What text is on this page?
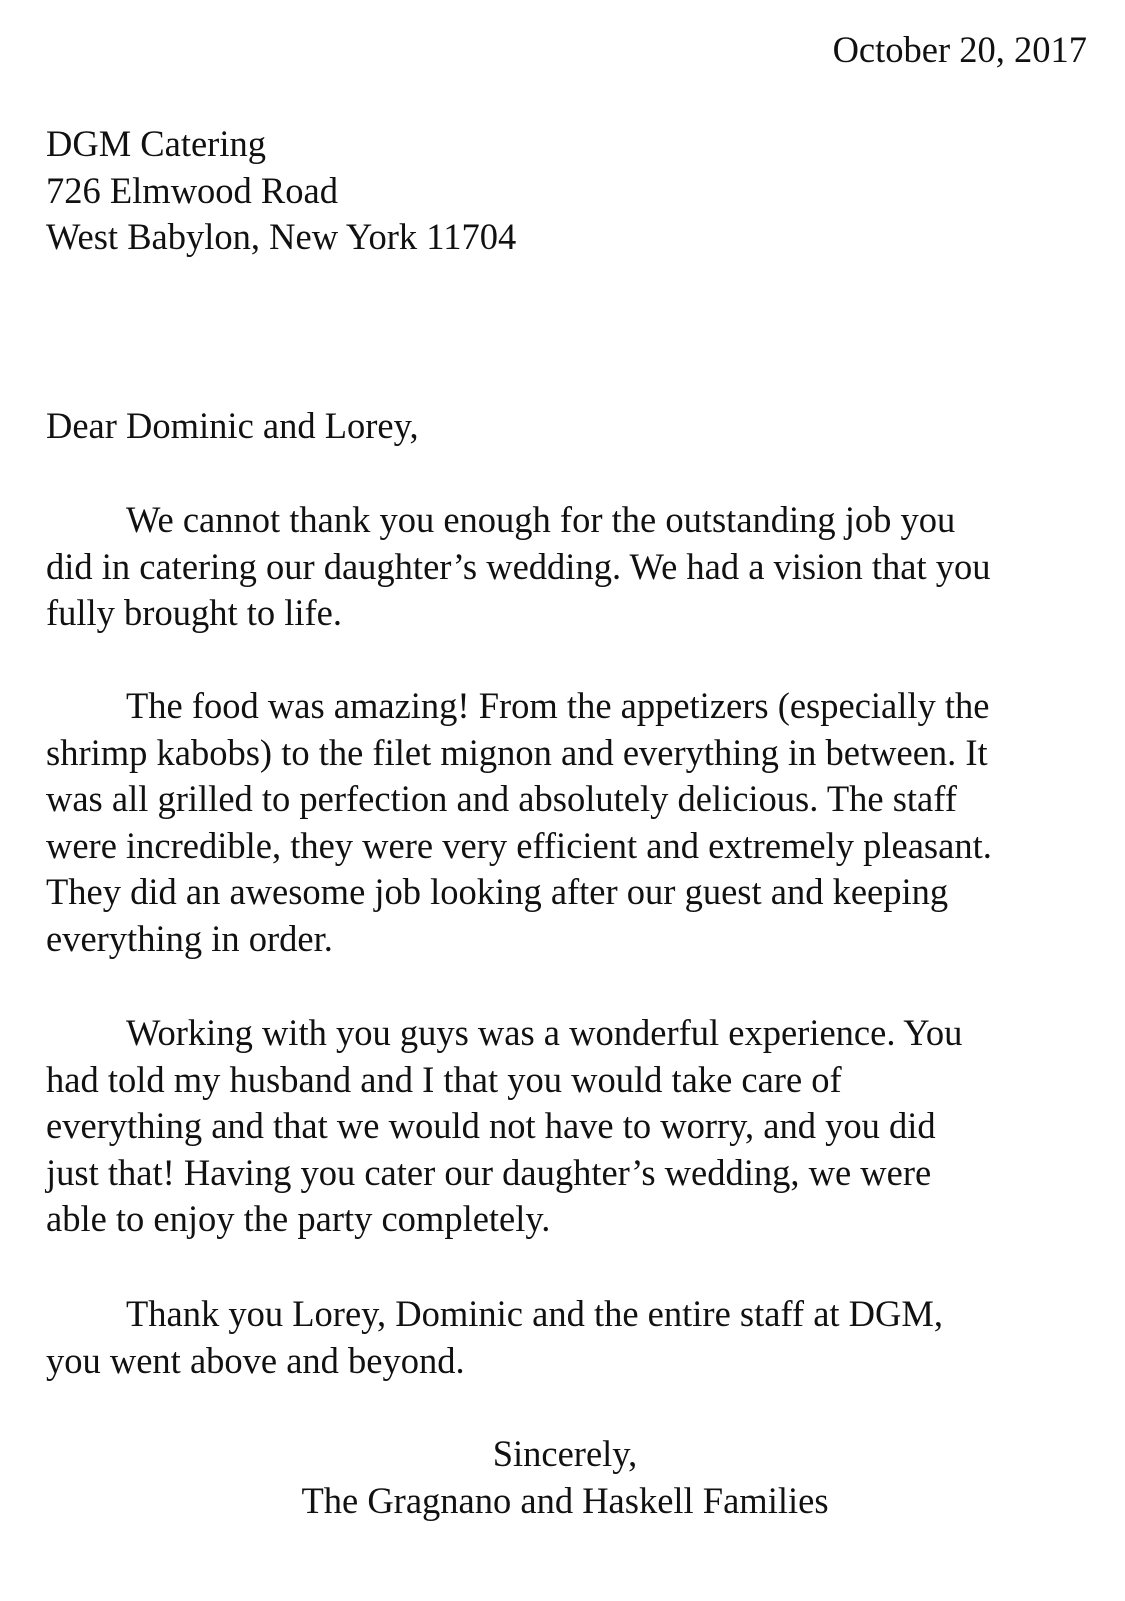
October 20, 2017
DGM Catering
726 Elmwood Road
West Babylon, New York 11704
Dear Dominic and Lorey,
We cannot thank you enough for the outstanding job you
did in catering our daughter’s wedding. We had a vision that you
fully brought to life.
The food was amazing! From the appetizers (especially the
shrimp kabobs) to the filet mignon and everything in between. It
was all grilled to perfection and absolutely delicious. The staff
were incredible, they were very efficient and extremely pleasant.
They did an awesome job looking after our guest and keeping
everything in order.
Working with you guys was a wonderful experience. You
had told my husband and I that you would take care of
everything and that we would not have to worry, and you did
just that! Having you cater our daughter’s wedding, we were
able to enjoy the party completely.
Thank you Lorey, Dominic and the entire staff at DGM,
you went above and beyond.
Sincerely,
The Gragnano and Haskell Families
